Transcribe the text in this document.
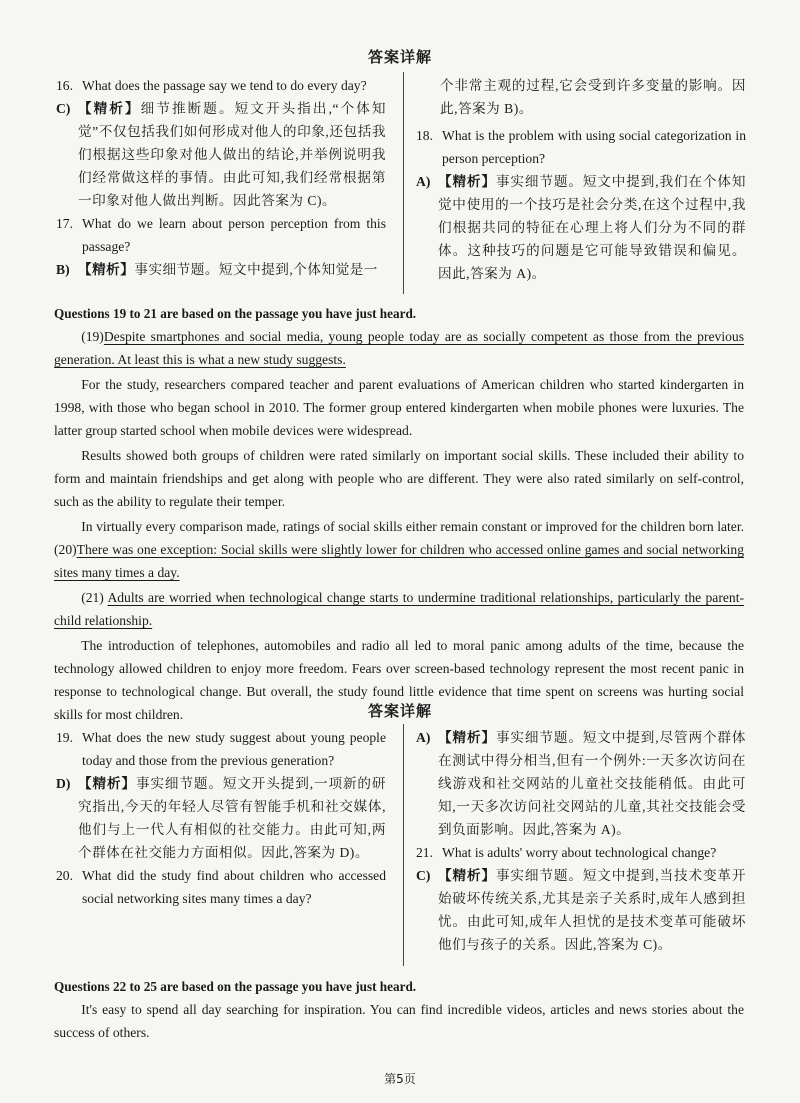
答案详解
16. What does the passage say we tend to do every day?
C) 【精析】细节推断题。短文开头指出,“个体知觉”不仅包括我们如何形成对他人的印象,还包括我们根据这些印象对他人做出的结论,并举例说明我们经常做这样的事情。由此可知,我们经常根据第一印象对他人做出判断。因此答案为 C)。
17. What do we learn about person perception from this passage?
B) 【精析】事实细节题。短文中提到,个体知觉是一
个非常主观的过程,它会受到许多变量的影响。因此,答案为 B)。
18. What is the problem with using social categorization in person perception?
A) 【精析】事实细节题。短文中提到,我们在个体知觉中使用的一个技巧是社会分类,在这个过程中,我们根据共同的特征在心理上将人们分为不同的群体。这种技巧的问题是它可能导致错误和偏见。因此,答案为 A)。
Questions 19 to 21 are based on the passage you have just heard.

(19)Despite smartphones and social media, young people today are as socially competent as those from the previous generation. At least this is what a new study suggests.

For the study, researchers compared teacher and parent evaluations of American children who started kindergarten in 1998, with those who began school in 2010. The former group entered kindergarten when mobile phones were luxuries. The latter group started school when mobile devices were widespread.

Results showed both groups of children were rated similarly on important social skills. These included their ability to form and maintain friendships and get along with people who are different. They were also rated similarly on self-control, such as the ability to regulate their temper.

In virtually every comparison made, ratings of social skills either remain constant or improved for the children born later. (20)There was one exception: Social skills were slightly lower for children who accessed online games and social networking sites many times a day.

(21) Adults are worried when technological change starts to undermine traditional relationships, particularly the parent-child relationship.

The introduction of telephones, automobiles and radio all led to moral panic among adults of the time, because the technology allowed children to enjoy more freedom. Fears over screen-based technology represent the most recent panic in response to technological change. But overall, the study found little evidence that time spent on screens was hurting social skills for most children.	答案详解
19. What does the new study suggest about young people today and those from the previous generation?
D) 【精析】事实细节题。短文开头提到,一项新的研究指出,今天的年轻人尽管有智能手机和社交媒体,他们与上一代人有相似的社交能力。由此可知,两个群体在社交能力方面相似。因此,答案为 D)。
20. What did the study find about children who accessed social networking sites many times a day?
A) 【精析】事实细节题。短文中提到,尽管两个群体在测试中得分相当,但有一个例外:一天多次访问在线游戏和社交网站的儿童社交技能稍低。由此可知,一天多次访问社交网站的儿童,其社交技能会受到负面影响。因此,答案为 A)。
21. What is adults' worry about technological change?
C) 【精析】事实细节题。短文中提到,当技术变革开始破坏传统关系,尤其是亲子关系时,成年人感到担忧。由此可知,成年人担忧的是技术变革可能破坏他们与孩子的关系。因此,答案为 C)。
Questions 22 to 25 are based on the passage you have just heard.

It's easy to spend all day searching for inspiration. You can find incredible videos, articles and news stories about the success of others.

第5页
